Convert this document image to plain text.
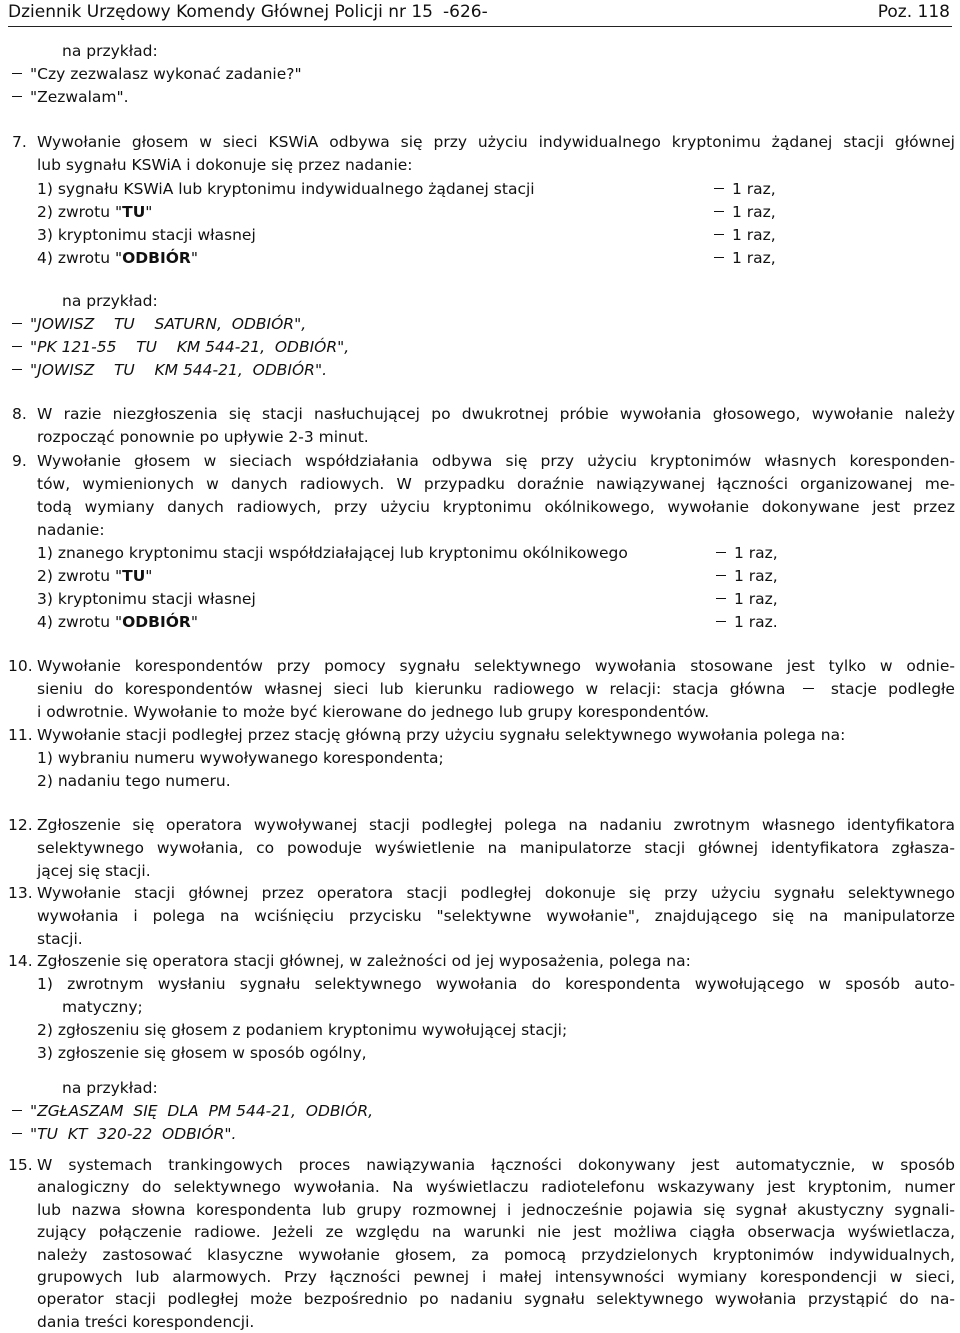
Dziennik Urzędowy Komendy Głównej Policji nr 15 -626-	Poz. 118
na przykład:
"Czy zezwalasz wykonać zadanie?"
"Zezwalam".
7. Wywołanie głosem w sieci KSWiA odbywa się przy użyciu indywidualnego kryptonimu żądanej stacji głównej
lub sygnału KSWiA i dokonuje się przez nadanie:
1) sygnału KSWiA lub kryptonimu indywidualnego żądanej stacji	1 raz,
2) zwrotu "TU"	1 raz,
3) kryptonimu stacji własnej	1 raz,
4) zwrotu "ODBIÓR"	1 raz,
na przykład:
"JOWISZ    TU    SATURN,  ODBIÓR",
"PK 121-55    TU    KM 544-21,  ODBIÓR",
"JOWISZ    TU    KM 544-21,  ODBIÓR".
8. W razie niezgłoszenia się stacji nasłuchującej po dwukrotnej próbie wywołania głosowego, wywołanie należy
rozpocząć ponownie po upływie 2-3 minut.
9. Wywołanie głosem w sieciach współdziałania odbywa się przy użyciu kryptonimów własnych koresponden-
tów, wymienionych w danych radiowych. W przypadku doraźnie nawiązywanej łączności organizowanej me-
todą wymiany danych radiowych, przy użyciu kryptonimu okólnikowego, wywołanie dokonywane jest przez
nadanie:
1) znanego kryptonimu stacji współdziałającej lub kryptonimu okólnikowego	1 raz,
2) zwrotu "TU"	1 raz,
3) kryptonimu stacji własnej	1 raz,
4) zwrotu "ODBIÓR"	1 raz.
10. Wywołanie korespondentów przy pomocy sygnału selektywnego wywołania stosowane jest tylko w odnie-
sieniu do korespondentów własnej sieci lub kierunku radiowego w relacji: stacja główna	stacje podległe
i odwrotnie. Wywołanie to może być kierowane do jednego lub grupy korespondentów.
11. Wywołanie stacji podległej przez stację główną przy użyciu sygnału selektywnego wywołania polega na:
1) wybraniu numeru wywoływanego korespondenta;
2) nadaniu tego numeru.
12. Zgłoszenie się operatora wywoływanej stacji podległej polega na nadaniu zwrotnym własnego identyfikatora
selektywnego wywołania, co powoduje wyświetlenie na manipulatorze stacji głównej identyfikatora zgłasza-
jącej się stacji.
13. Wywołanie stacji głównej przez operatora stacji podległej dokonuje się przy użyciu sygnału selektywnego
wywołania i polega na wciśnięciu przycisku "selektywne wywołanie", znajdującego się na manipulatorze
stacji.
14. Zgłoszenie się operatora stacji głównej, w zależności od jej wyposażenia, polega na:
1) zwrotnym wysłaniu sygnału selektywnego wywołania do korespondenta wywołującego w sposób auto-
matyczny;
2) zgłoszeniu się głosem z podaniem kryptonimu wywołującej stacji;
3) zgłoszenie się głosem w sposób ogólny,
na przykład:
"ZGŁASZAM  SIĘ  DLA  PM 544-21,  ODBIÓR,
"TU  KT  320-22  ODBIÓR".
15. W systemach trankingowych proces nawiązywania łączności dokonywany jest automatycznie, w sposób
analogiczny do selektywnego wywołania. Na wyświetlaczu radiotelefonu wskazywany jest kryptonim, numer
lub nazwa słowna korespondenta lub grupy rozmownej i jednocześnie pojawia się sygnał akustyczny sygnali-
zujący połączenie radiowe. Jeżeli ze względu na warunki nie jest możliwa ciągła obserwacja wyświetlacza,
należy zastosować klasyczne wywołanie głosem, za pomocą przydzielonych kryptonimów indywidualnych,
grupowych lub alarmowych. Przy łączności pewnej i małej intensywności wymiany korespondencji w sieci,
operator stacji podległej może bezpośrednio po nadaniu sygnału selektywnego wywołania przystąpić do na-
dania treści korespondencji.
